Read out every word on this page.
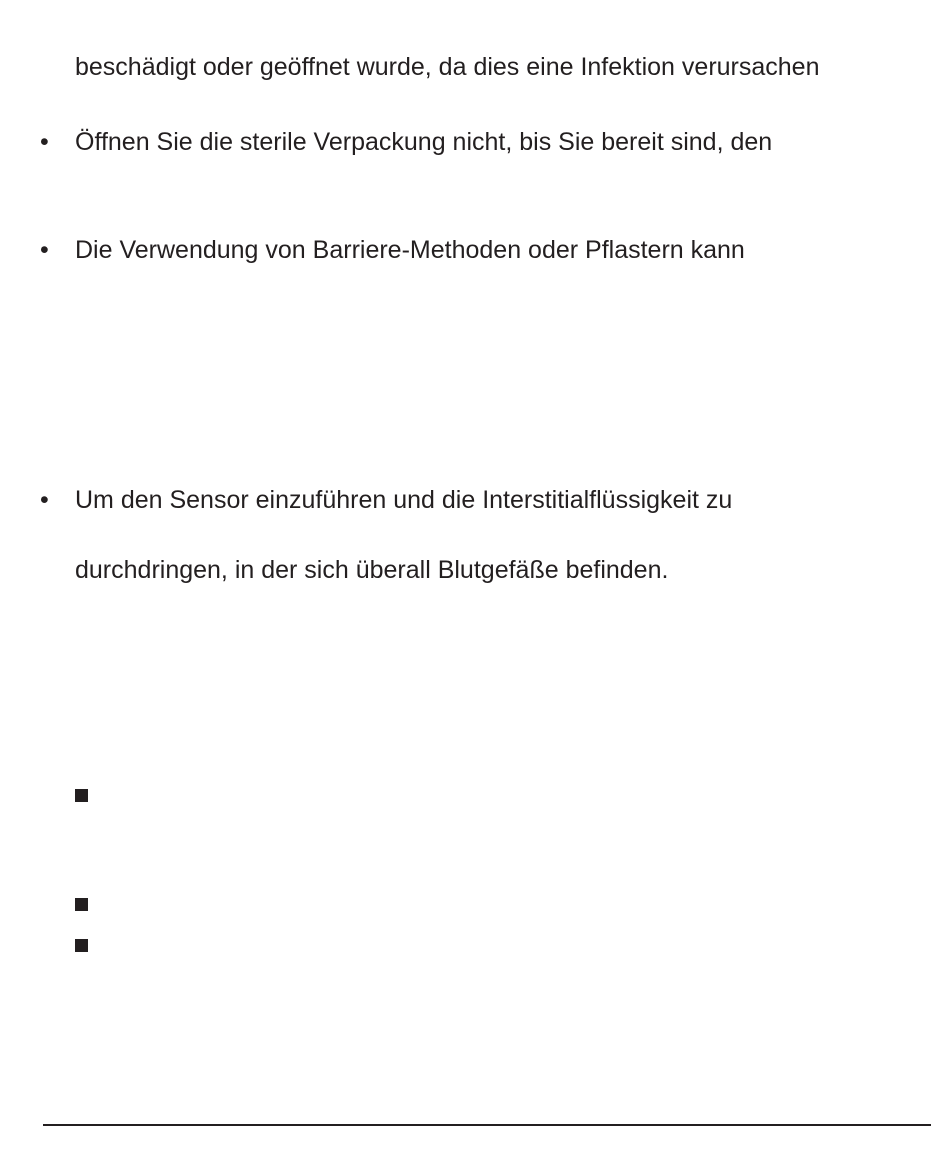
beschädigt oder geöffnet wurde, da dies eine Infektion verursachen
• Öffnen Sie die sterile Verpackung nicht, bis Sie bereit sind, den
• Die Verwendung von Barriere-Methoden oder Pflastern kann
• Um den Sensor einzuführen und die Interstitialflüssigkeit zu
durchdringen, in der sich überall Blutgefäße befinden.
